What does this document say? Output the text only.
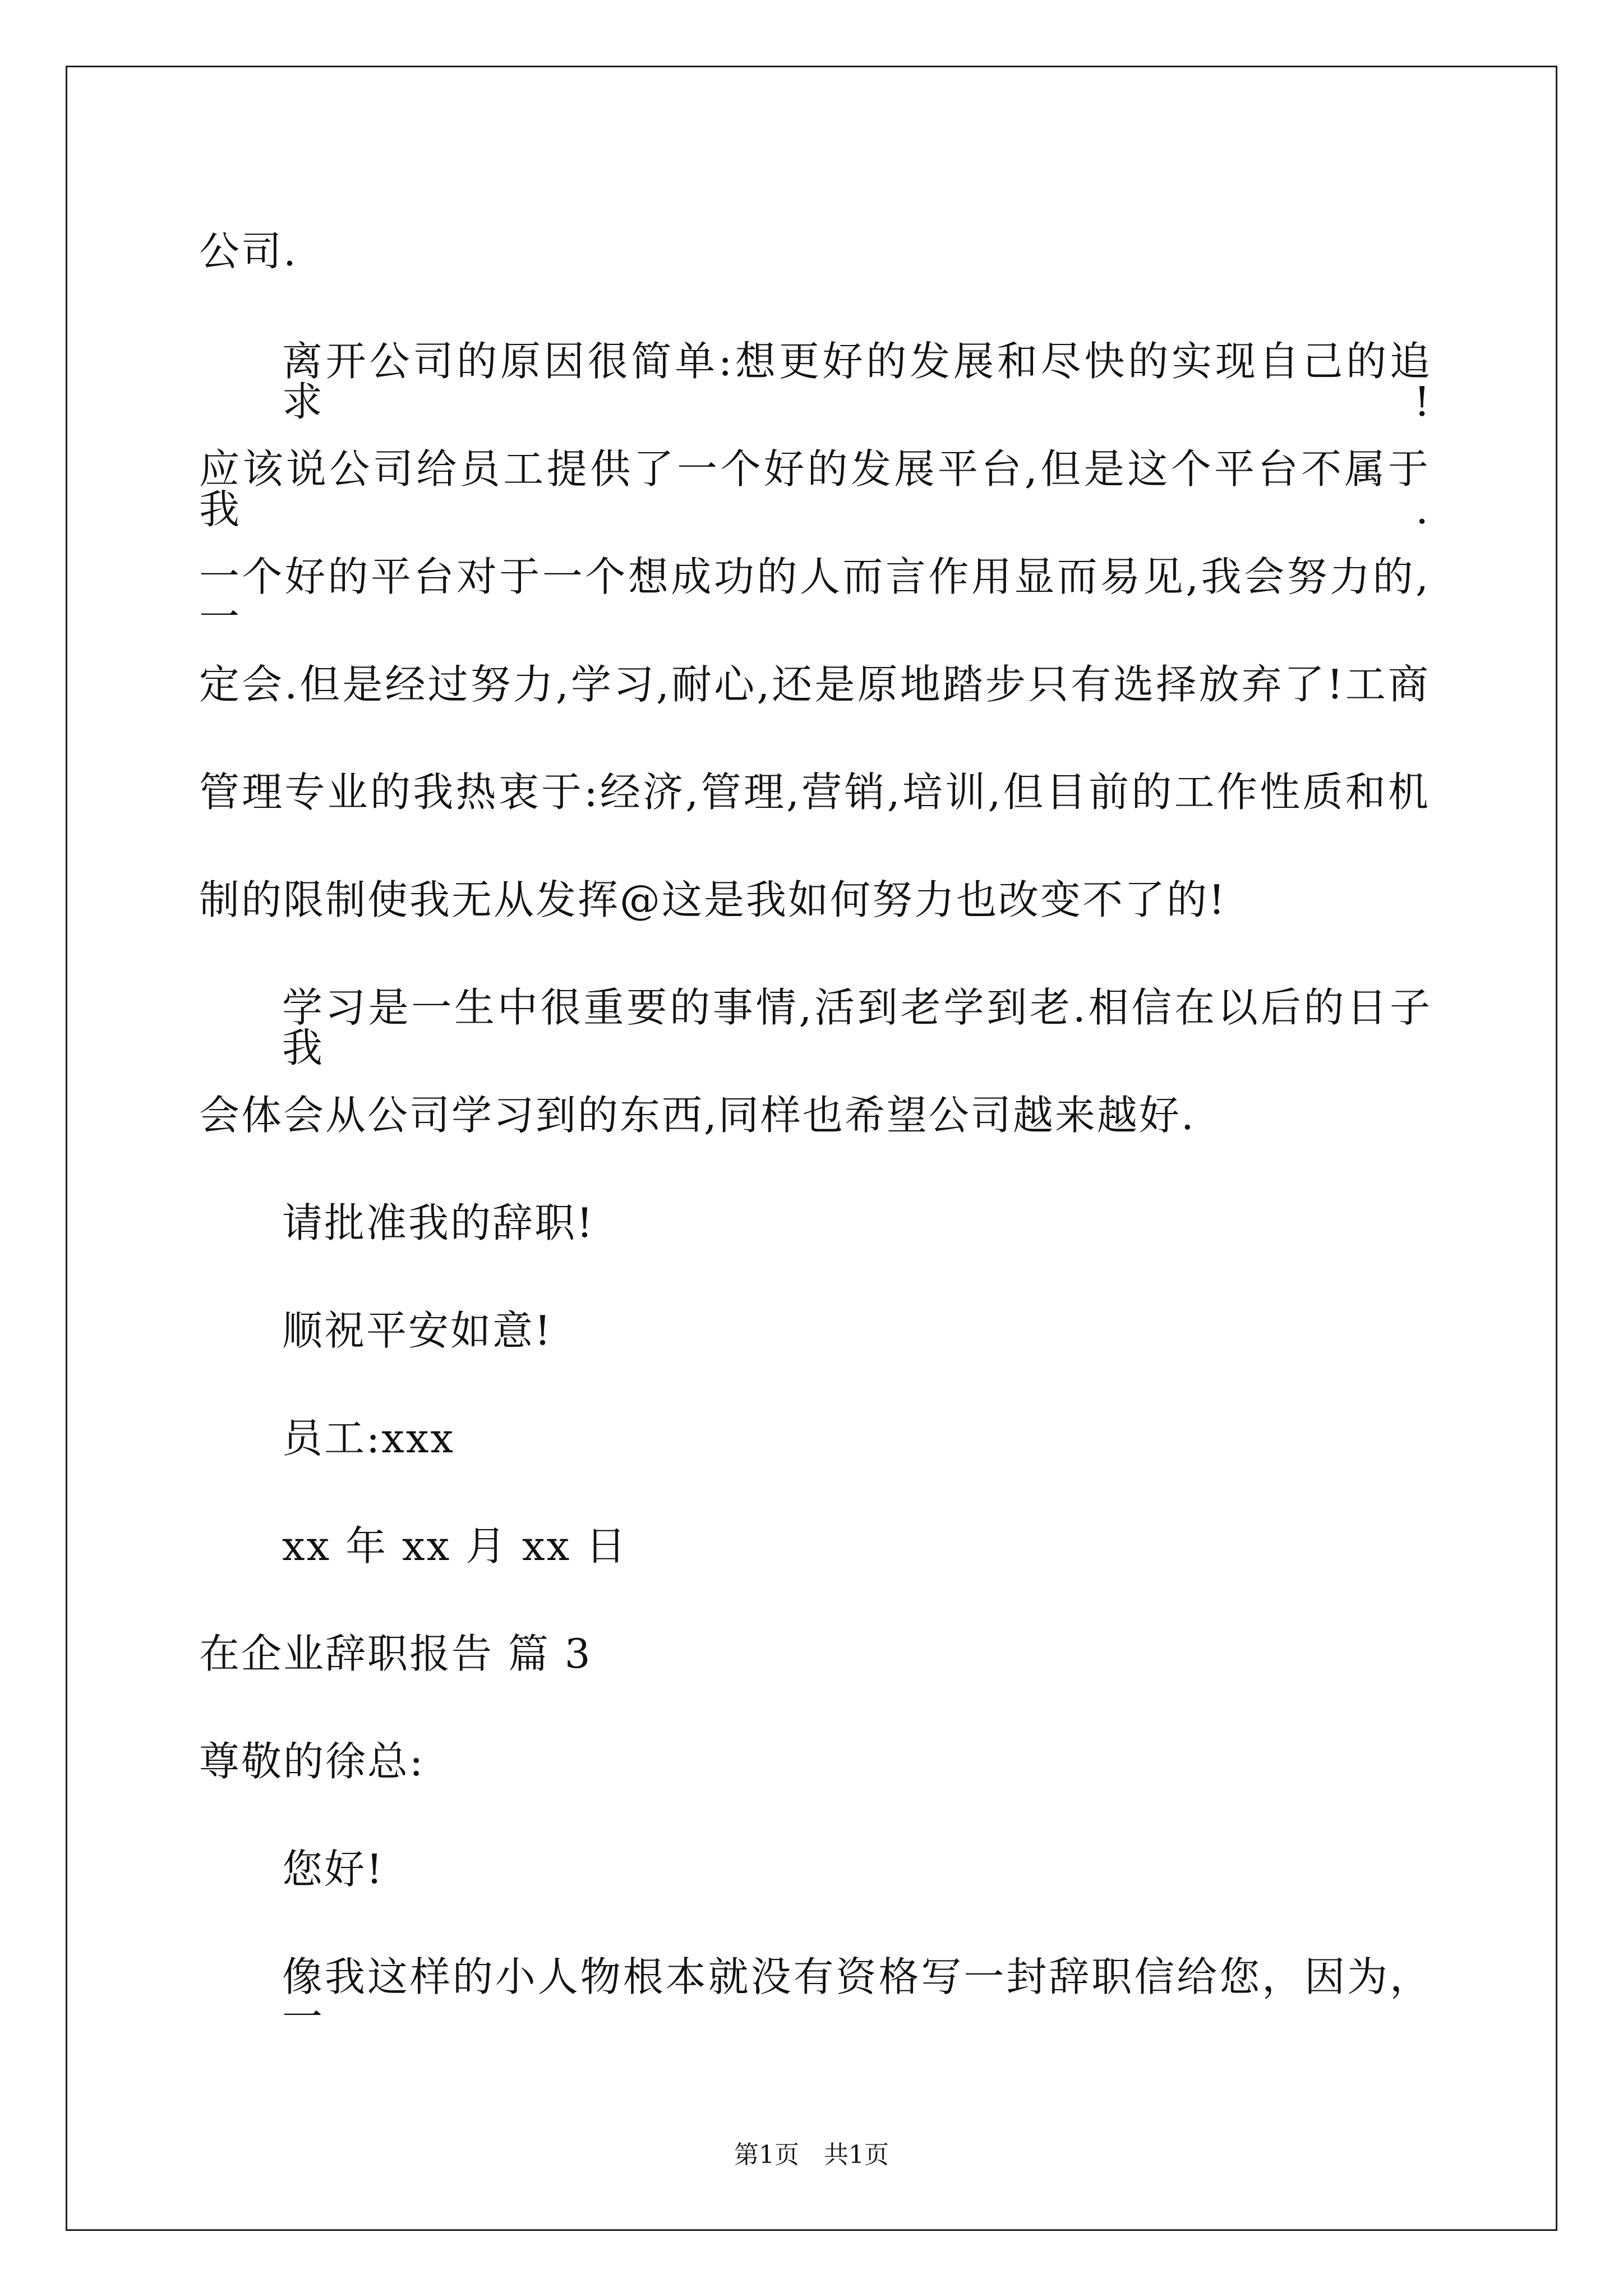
公司.
离开公司的原因很简单:想更好的发展和尽快的实现自己的追求!
应该说公司给员工提供了一个好的发展平台,但是这个平台不属于我.
一个好的平台对于一个想成功的人而言作用显而易见,我会努力的,一
定会.但是经过努力,学习,耐心,还是原地踏步只有选择放弃了!工商
管理专业的我热衷于:经济,管理,营销,培训,但目前的工作性质和机
制的限制使我无从发挥@这是我如何努力也改变不了的!
学习是一生中很重要的事情,活到老学到老.相信在以后的日子我
会体会从公司学习到的东西,同样也希望公司越来越好.
请批准我的辞职!
顺祝平安如意!
员工:xxx
xx 年 xx 月 xx 日
在企业辞职报告 篇 3
尊敬的徐总:
您好!
像我这样的小人物根本就没有资格写一封辞职信给您，因为，一
第1页　共1页
